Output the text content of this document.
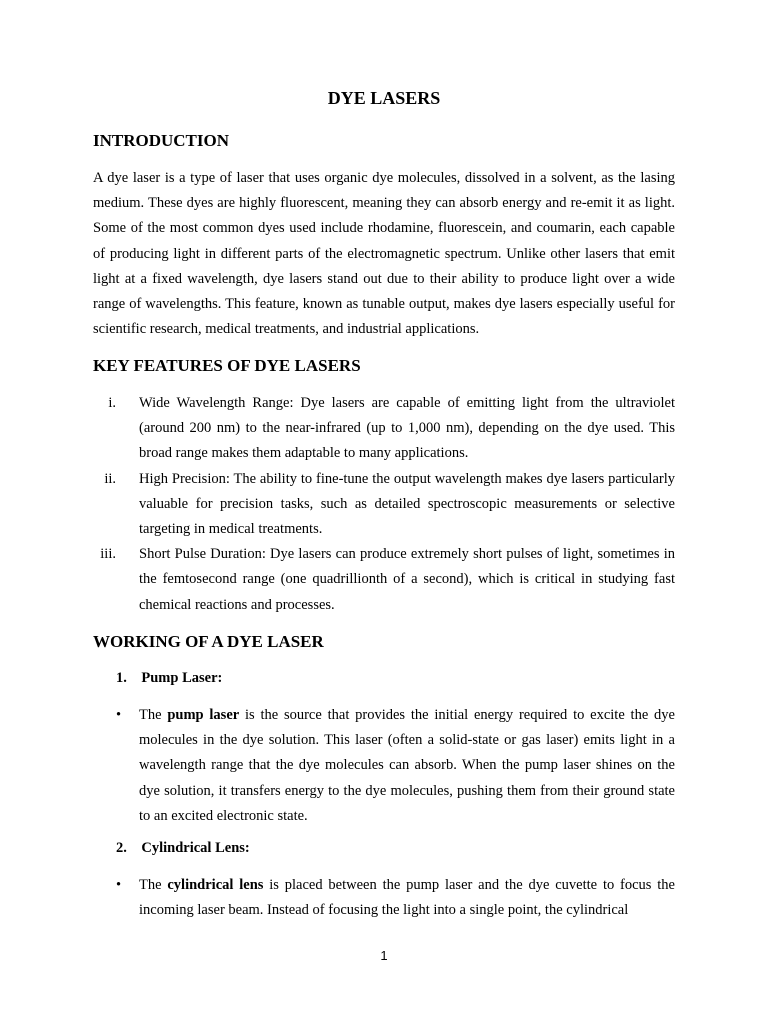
DYE LASERS
INTRODUCTION
A dye laser is a type of laser that uses organic dye molecules, dissolved in a solvent, as the lasing medium. These dyes are highly fluorescent, meaning they can absorb energy and re-emit it as light. Some of the most common dyes used include rhodamine, fluorescein, and coumarin, each capable of producing light in different parts of the electromagnetic spectrum. Unlike other lasers that emit light at a fixed wavelength, dye lasers stand out due to their ability to produce light over a wide range of wavelengths. This feature, known as tunable output, makes dye lasers especially useful for scientific research, medical treatments, and industrial applications.
KEY FEATURES OF DYE LASERS
i. Wide Wavelength Range: Dye lasers are capable of emitting light from the ultraviolet (around 200 nm) to the near-infrared (up to 1,000 nm), depending on the dye used. This broad range makes them adaptable to many applications.
ii. High Precision: The ability to fine-tune the output wavelength makes dye lasers particularly valuable for precision tasks, such as detailed spectroscopic measurements or selective targeting in medical treatments.
iii. Short Pulse Duration: Dye lasers can produce extremely short pulses of light, sometimes in the femtosecond range (one quadrillionth of a second), which is critical in studying fast chemical reactions and processes.
WORKING OF A DYE LASER
1. Pump Laser:
•	The pump laser is the source that provides the initial energy required to excite the dye molecules in the dye solution. This laser (often a solid-state or gas laser) emits light in a wavelength range that the dye molecules can absorb. When the pump laser shines on the dye solution, it transfers energy to the dye molecules, pushing them from their ground state to an excited electronic state.
2. Cylindrical Lens:
•	The cylindrical lens is placed between the pump laser and the dye cuvette to focus the incoming laser beam. Instead of focusing the light into a single point, the cylindrical
1
